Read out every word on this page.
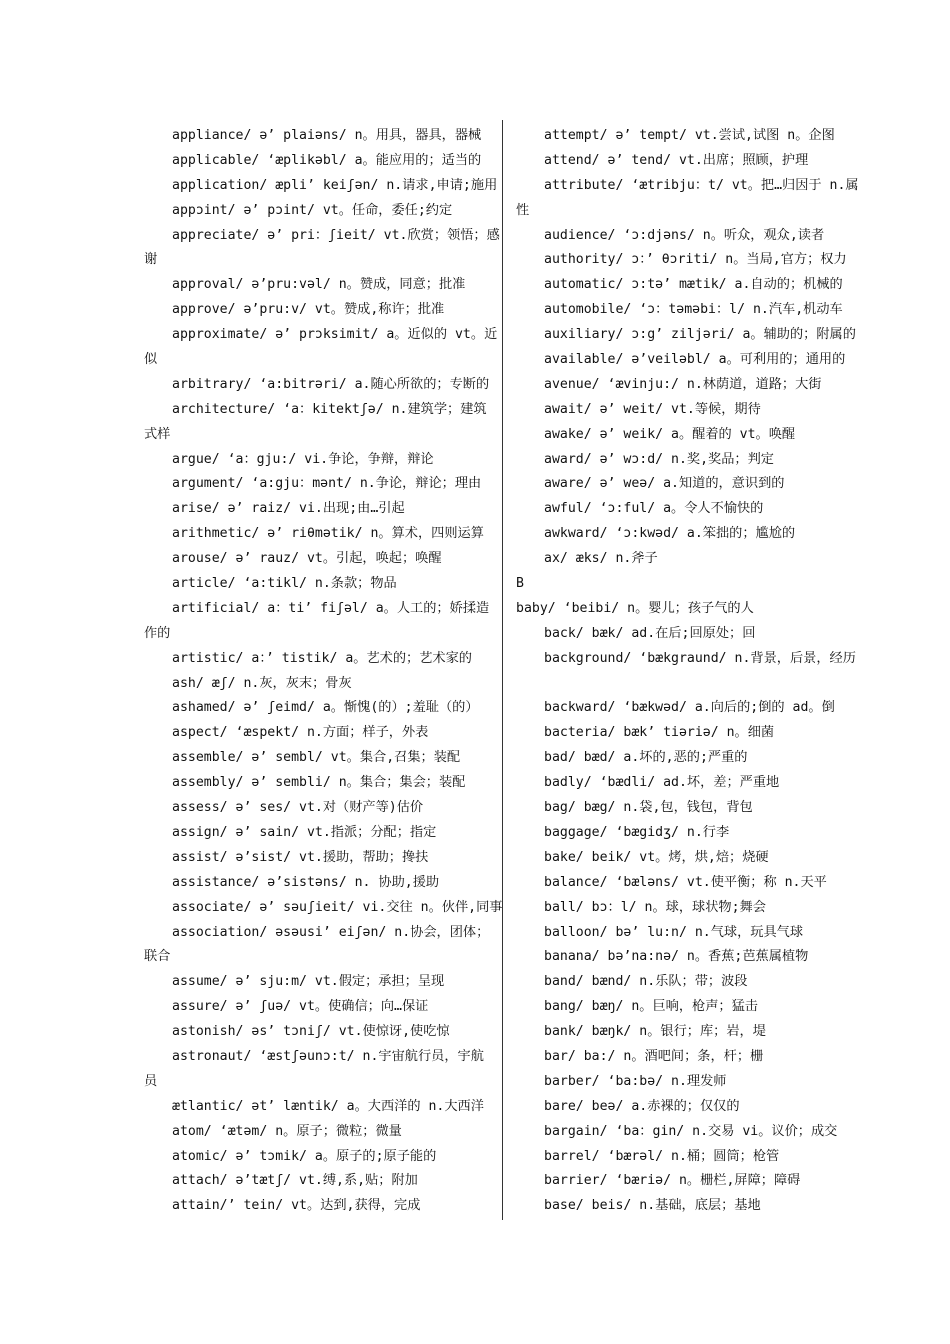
appliance/ ə’ plaiəns/ n。用具，器具，器械
applicable/ ‘æplikəbl/ a。能应用的；适当的
application/ æpli’ keiʃən/ n.请求,申请;施用
appɔint/ ə’ pɔint/ vt。任命，委任;约定
appreciate/ ə’ pri：ʃieit/ vt.欣赏；领悟；感
谢
approval/ ə’pru:vəl/ n。赞成，同意；批准
approve/ ə’pru:v/ vt。赞成,称许；批准
approximate/ ə’ prɔksimit/ a。近似的 vt。近
似
arbitrary/ ‘a:bitrəri/ a.随心所欲的；专断的
architecture/ ‘a：kitektʃə/ n.建筑学；建筑
式样
argue/ ‘a：gju:/ vi.争论，争辩，辩论
argument/ ‘a:gju：mənt/ n.争论，辩论；理由
arise/ ə’ raiz/ vi.出现;由…引起
arithmetic/ ə’ riθmətik/ n。算术，四则运算
arouse/ ə’ rauz/ vt。引起，唤起；唤醒
article/ ‘a:tikl/ n.条款；物品
artificial/ a：ti’ fiʃəl/ a。人工的；娇揉造
作的
artistic/ a：’ tistik/ a。艺术的；艺术家的
ash/ æʃ/ n.灰，灰末；骨灰
ashamed/ ə’ ʃeimd/ a。惭愧(的）;羞耻（的）
aspect/ ‘æspekt/ n.方面；样子，外表
assemble/ ə’ sembl/ vt。集合,召集；装配
assembly/ ə’ sembli/ n。集合；集会；装配
assess/ ə’ ses/ vt.对（财产等)估价
assign/ ə’ sain/ vt.指派；分配；指定
assist/ ə’sist/ vt.援助，帮助；搀扶
assistance/ ə’sistəns/ n. 协助,援助
associate/ ə’ səuʃieit/ vi.交往 n。伙伴,同事
association/ əsəusi’ eiʃən/ n.协会，团体；
联合
assume/ ə’ sju:m/ vt.假定；承担；呈现
assure/ ə’ ʃuə/ vt。使确信；向…保证
astonish/ əs’ tɔniʃ/ vt.使惊讶,使吃惊
astronaut/ ‘æstʃəunɔ:t/ n.宇宙航行员，宇航
员
ætlantic/ ət’ læntik/ a。大西洋的 n.大西洋
atom/ ‘ætəm/ n。原子；微粒；微量
atomic/ ə’ tɔmik/ a。原子的;原子能的
attach/ ə’tætʃ/ vt.缚,系,贴；附加
attain/’ tein/ vt。达到,获得，完成
attempt/ ə’ tempt/ vt.尝试,试图 n。企图
attend/ ə’ tend/ vt.出席；照顾，护理
attribute/ ‘ætribju：t/ vt。把…归因于 n.属
性
audience/ ‘ɔ:djəns/ n。听众，观众,读者
authority/ ɔ：’ θɔriti/ n。当局,官方；权力
automatic/ ɔ:tə’ mætik/ a.自动的；机械的
automobile/ ‘ɔ：təməbi：l/ n.汽车,机动车
auxiliary/ ɔ:g’ ziljəri/ a。辅助的；附属的
available/ ə’veiləbl/ a。可利用的；通用的
avenue/ ‘ævinju:/ n.林荫道，道路；大街
await/ ə’ weit/ vt.等候，期待
awake/ ə’ weik/ a。醒着的 vt。唤醒
award/ ə’ wɔ:d/ n.奖,奖品；判定
aware/ ə’ weə/ a.知道的，意识到的
awful/ ‘ɔ:ful/ a。令人不愉快的
awkward/ ‘ɔ:kwəd/ a.笨拙的；尴尬的
ax/ æks/ n.斧子
B
baby/ ‘beibi/ n。婴儿；孩子气的人
back/ bæk/ ad.在后;回原处；回
background/ ‘bækgraund/ n.背景，后景，经历
backward/ ‘bækwəd/ a.向后的;倒的 ad。倒
bacteria/ bæk’ tiəriə/ n。细菌
bad/ bæd/ a.坏的,恶的;严重的
badly/ ‘bædli/ ad.坏，差；严重地
bag/ bæg/ n.袋,包，钱包，背包
baggage/ ‘bægidʒ/ n.行李
bake/ beik/ vt。烤，烘,焙；烧硬
balance/ ‘bæləns/ vt.使平衡；称 n.天平
ball/ bɔ：l/ n。球，球状物;舞会
balloon/ bə’ lu:n/ n.气球，玩具气球
banana/ bə’na:nə/ n。香蕉;芭蕉属植物
band/ bænd/ n.乐队；带；波段
bang/ bæŋ/ n。巨响，枪声；猛击
bank/ bæŋk/ n。银行；库；岩，堤
bar/ ba:/ n。酒吧间；条，杆；栅
barber/ ‘ba:bə/ n.理发师
bare/ beə/ a.赤裸的；仅仅的
bargain/ ‘ba：gin/ n.交易 vi。议价；成交
barrel/ ‘bærəl/ n.桶；圆筒；枪管
barrier/ ‘bæriə/ n。栅栏,屏障；障碍
base/ beis/ n.基础，底层；基地
